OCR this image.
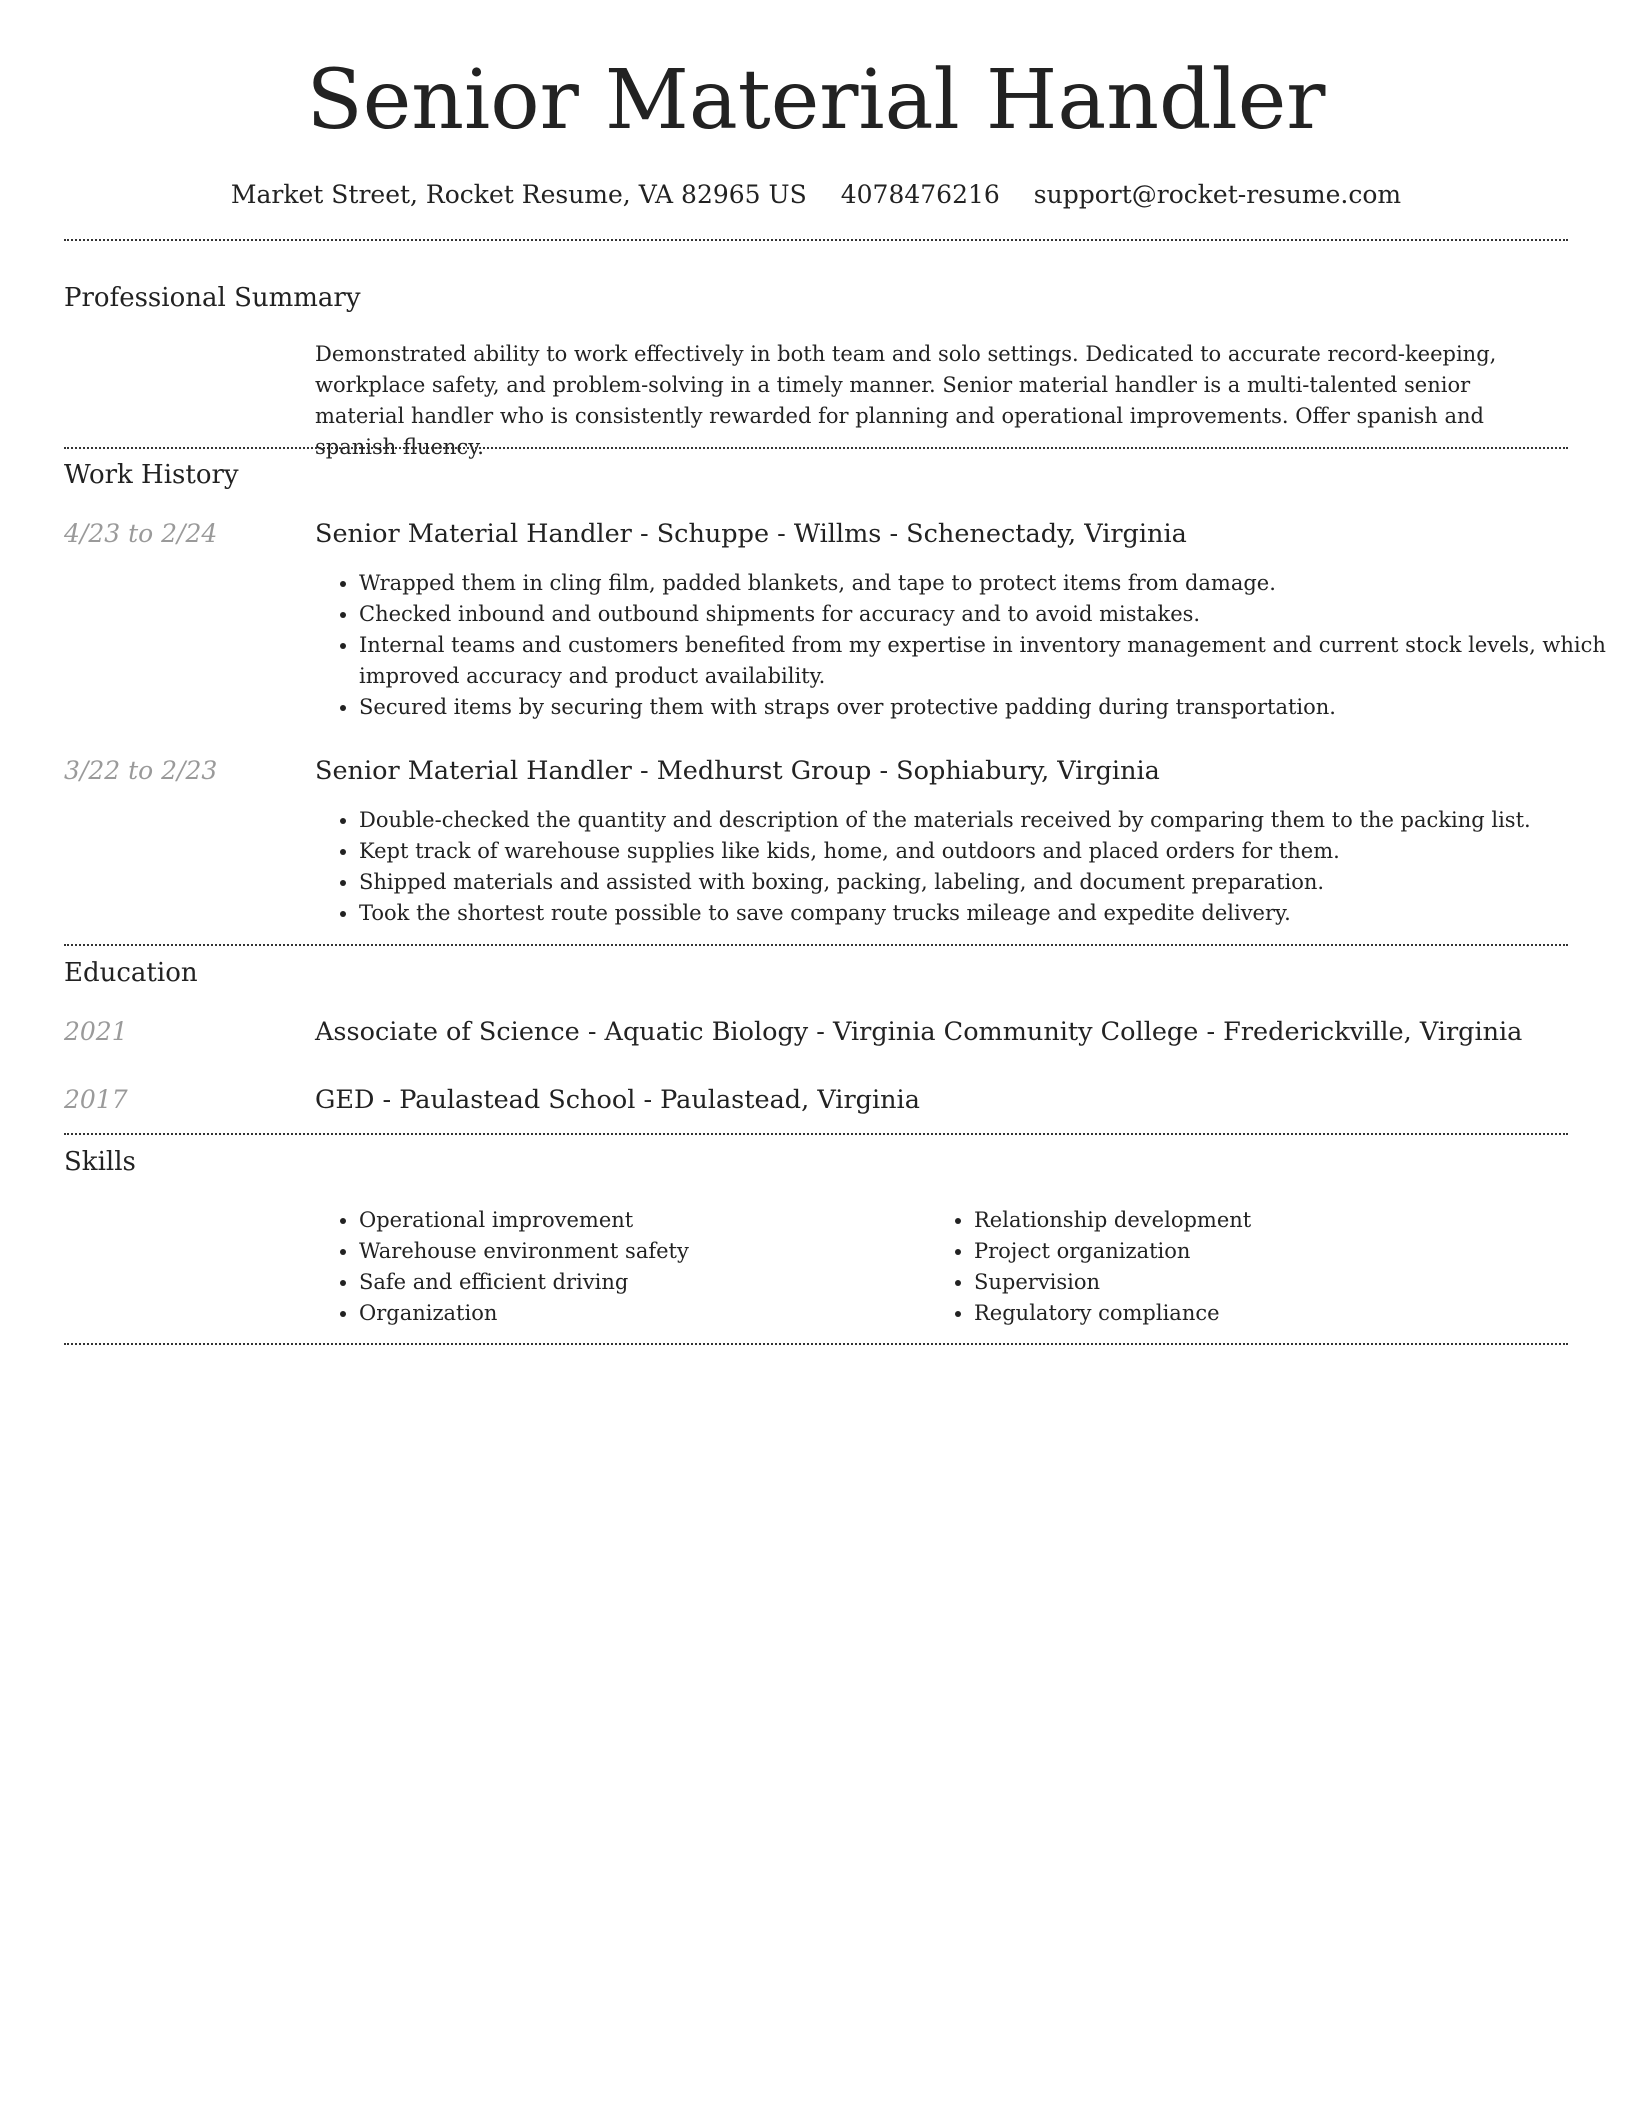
Senior Material Handler
Market Street, Rocket Resume, VA 82965 US 4078476216 support@rocket-resume.com
Professional Summary

Demonstrated ability to work effectively in both team and solo settings. Dedicated to accurate record-keeping, workplace safety, and problem-solving in a timely manner. Senior material handler is a multi-talented senior material handler who is consistently rewarded for planning and operational improvements. Offer spanish and spanish fluency.

Work History
4/23 to 2/24	Senior Material Handler - Schuppe - Willms - Schenectady, Virginia
• Wrapped them in cling film, padded blankets, and tape to protect items from damage.
• Checked inbound and outbound shipments for accuracy and to avoid mistakes.
• Internal teams and customers benefited from my expertise in inventory management and current stock levels, which improved accuracy and product availability.
• Secured items by securing them with straps over protective padding during transportation.
3/22 to 2/23	Senior Material Handler - Medhurst Group - Sophiabury, Virginia
• Double-checked the quantity and description of the materials received by comparing them to the packing list.
• Kept track of warehouse supplies like kids, home, and outdoors and placed orders for them.
• Shipped materials and assisted with boxing, packing, labeling, and document preparation.
• Took the shortest route possible to save company trucks mileage and expedite delivery.
Education
2021	Associate of Science - Aquatic Biology - Virginia Community College - Frederickville, Virginia
2017	GED - Paulastead School - Paulastead, Virginia
Skills
• Operational improvement
• Warehouse environment safety
• Safe and efficient driving
• Organization
• Relationship development
• Project organization
• Supervision
• Regulatory compliance
